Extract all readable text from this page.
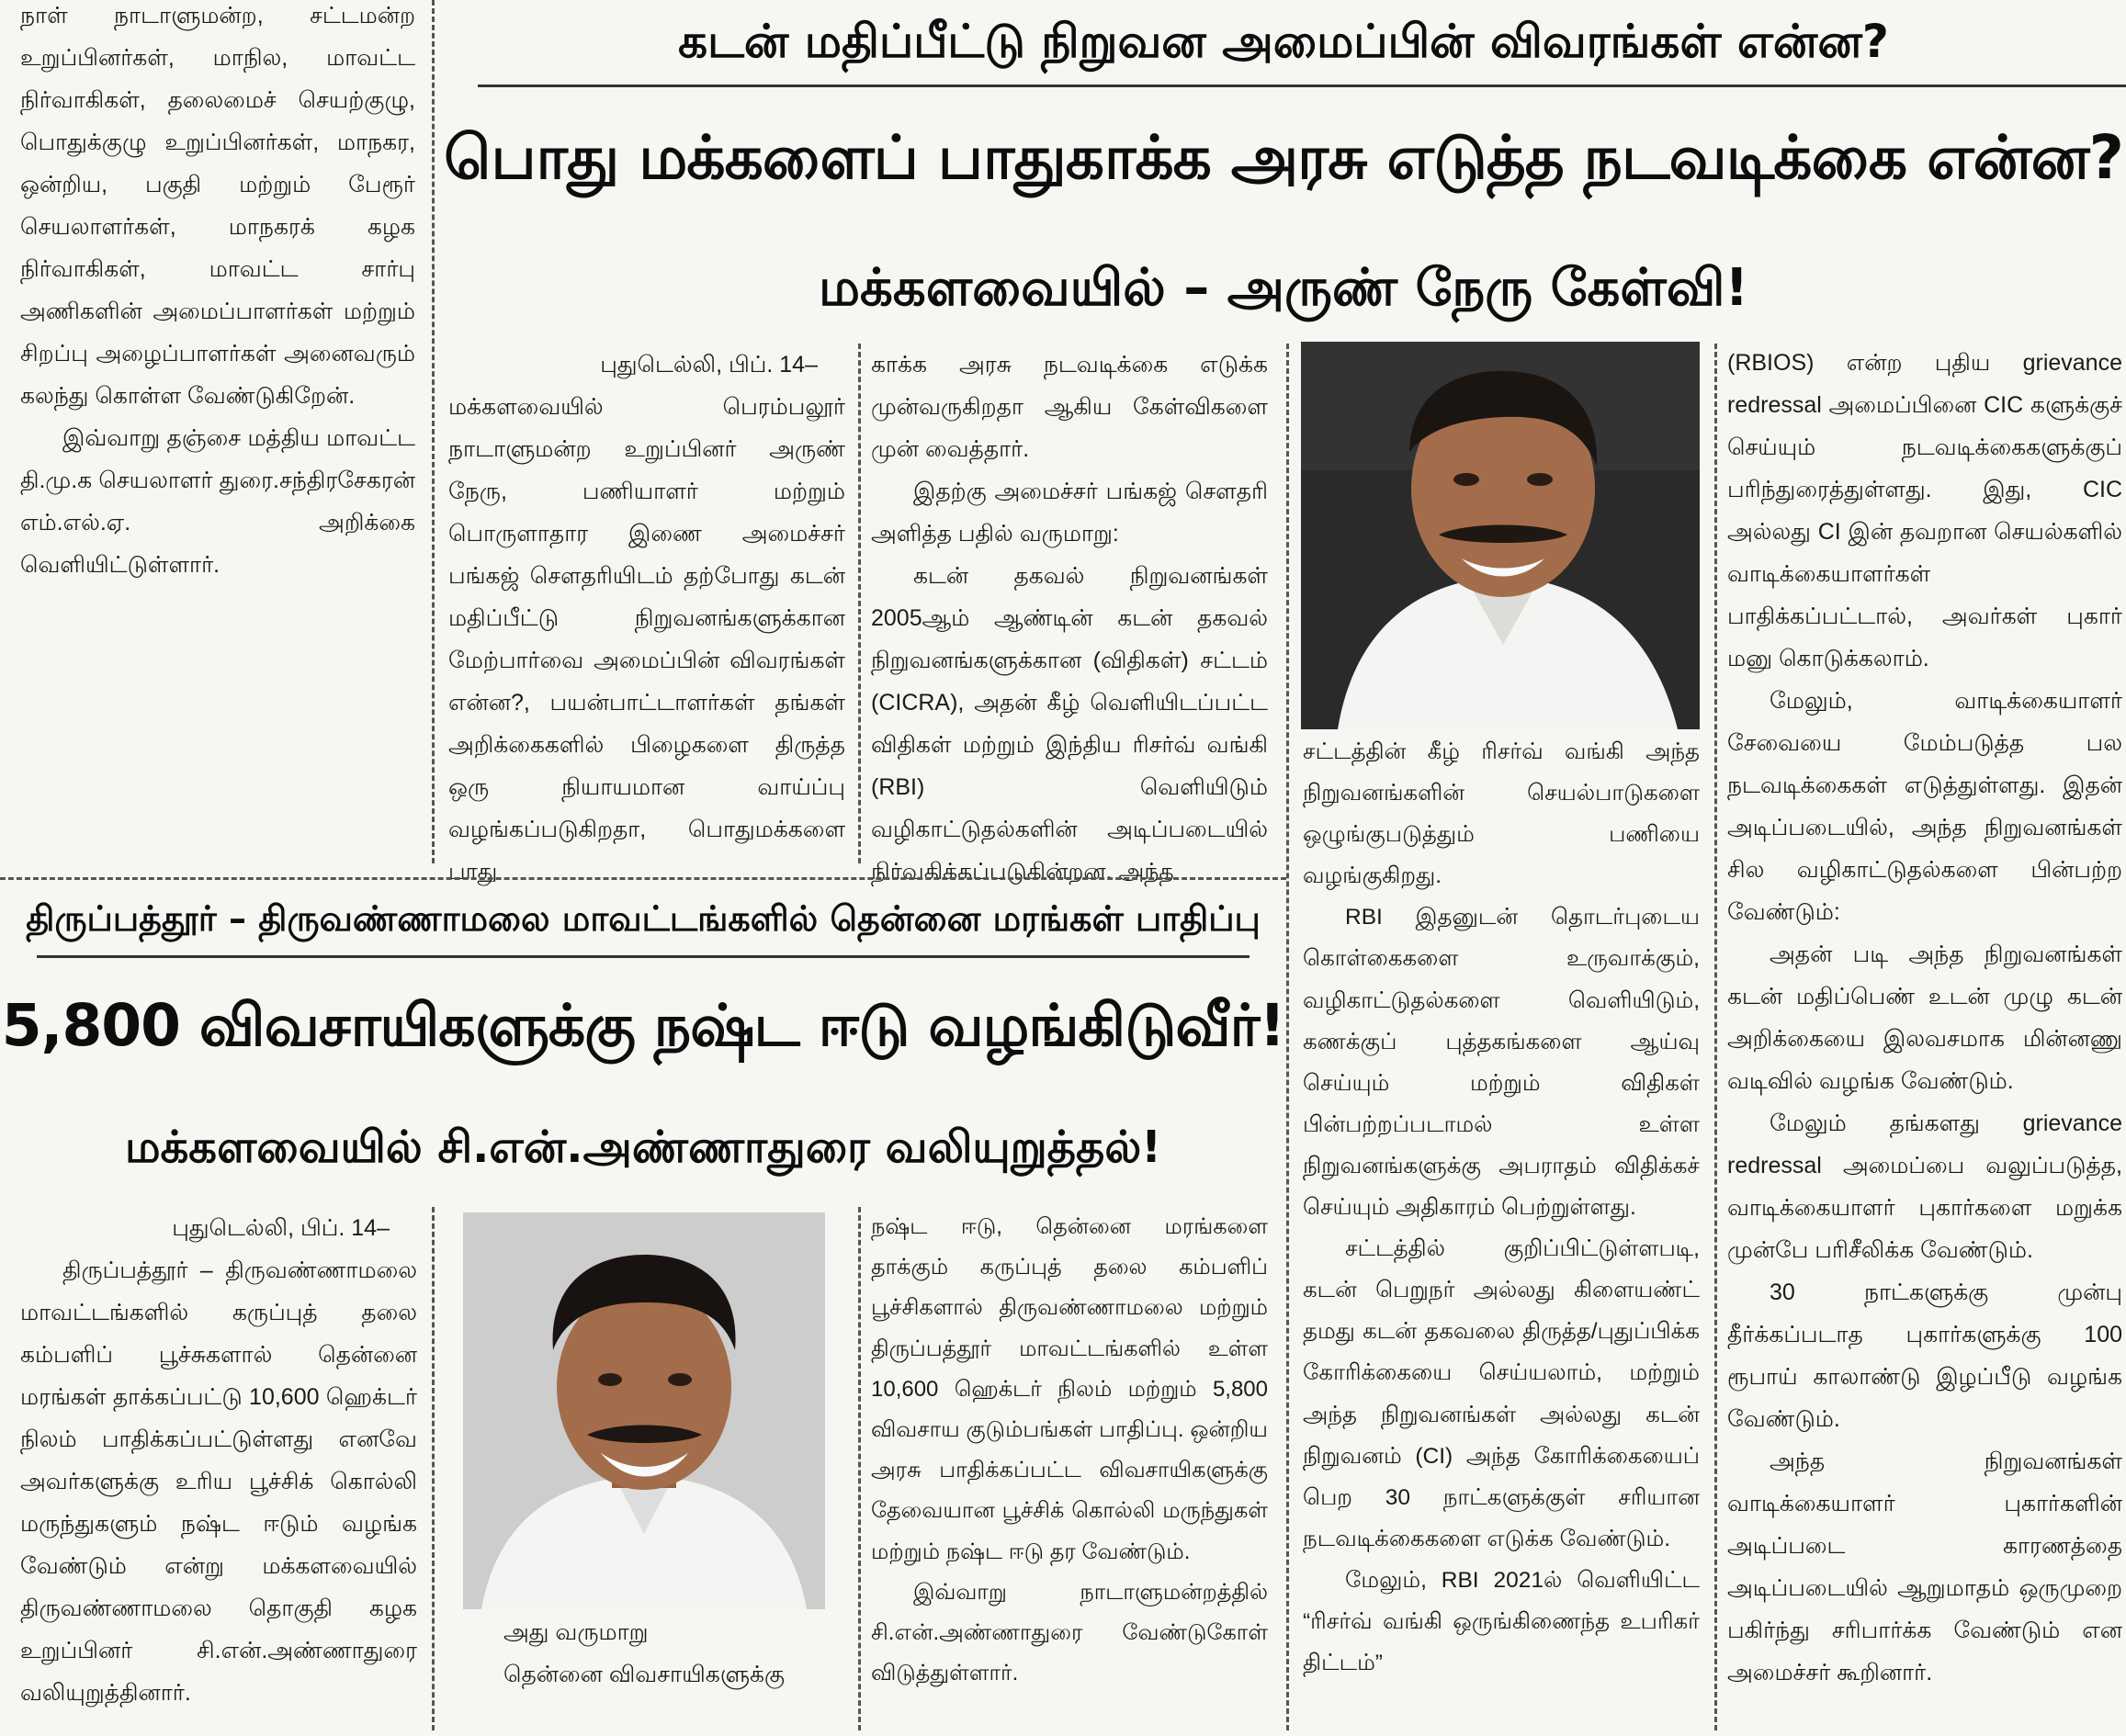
நாள் நாடாளுமன்ற, சட்டமன்ற உறுப்பினர்கள், மாநில, மாவட்ட நிர்வாகிகள், தலைமைச் செயற்குழு, பொதுக்குழு உறுப்பினர்கள், மாநகர, ஒன்றிய, பகுதி மற்றும் பேரூர் செயலாளர்கள், மாநகரக் கழக நிர்வாகிகள், மாவட்ட சார்பு அணிகளின் அமைப்பாளர்கள் மற்றும் சிறப்பு அழைப்பாளர்கள் அனைவரும் கலந்து கொள்ள வேண்டுகிறேன்.

இவ்வாறு தஞ்சை மத்திய மாவட்ட தி.மு.க செயலாளர் துரை.சந்திரசேகரன் எம்.எல்.ஏ. அறிக்கை வெளியிட்டுள்ளார்.

கடன் மதிப்பீட்டு நிறுவன அமைப்பின் விவரங்கள் என்ன?
பொது மக்களைப் பாதுகாக்க அரசு எடுத்த நடவடிக்கை என்ன?
மக்களவையில் – அருண் நேரு கேள்வி!

புதுடெல்லி, பிப். 14–

மக்களவையில் பெரம்பலூர் நாடாளுமன்ற உறுப்பினர் அருண் நேரு, பணியாளர் மற்றும் பொருளாதார இணை அமைச்சர் பங்கஜ் சௌதரியிடம் தற்போது கடன் மதிப்பீட்டு நிறுவனங்களுக்கான மேற்பார்வை அமைப்பின் விவரங்கள் என்ன?, பயன்பாட்டாளர்கள் தங்கள் அறிக்கைகளில் பிழைகளை திருத்த ஒரு நியாயமான வாய்ப்பு வழங்கப்படுகிறதா, பொதுமக்களை பாது

காக்க அரசு நடவடிக்கை எடுக்க முன்வருகிறதா ஆகிய கேள்விகளை முன் வைத்தார்.

இதற்கு அமைச்சர் பங்கஜ் சௌதரி அளித்த பதில் வருமாறு:

கடன் தகவல் நிறுவனங்கள் 2005ஆம் ஆண்டின் கடன் தகவல் நிறுவனங்களுக்கான (விதிகள்) சட்டம் (CICRA), அதன் கீழ் வெளியிடப்பட்ட விதிகள் மற்றும் இந்திய ரிசர்வ் வங்கி (RBI) வெளியிடும் வழிகாட்டுதல்களின் அடிப்படையில் நிர்வகிக்கப்படுகின்றன. அந்த

சட்டத்தின் கீழ் ரிசர்வ் வங்கி அந்த நிறுவனங்களின் செயல்பாடுகளை ஒழுங்குபடுத்தும் பணியை வழங்குகிறது.

RBI இதனுடன் தொடர்புடைய கொள்கைகளை உருவாக்கும், வழிகாட்டுதல்களை வெளியிடும், கணக்குப் புத்தகங்களை ஆய்வு செய்யும் மற்றும் விதிகள் பின்பற்றப்படாமல் உள்ள நிறுவனங்களுக்கு அபராதம் விதிக்கச் செய்யும் அதிகாரம் பெற்றுள்ளது.

சட்டத்தில் குறிப்பிட்டுள்ளபடி, கடன் பெறுநர் அல்லது கிளையண்ட் தமது கடன் தகவலை திருத்த/புதுப்பிக்க கோரிக்கையை செய்யலாம், மற்றும் அந்த நிறுவனங்கள் அல்லது கடன் நிறுவனம் (CI) அந்த கோரிக்கையைப் பெற 30 நாட்களுக்குள் சரியான நடவடிக்கைகளை எடுக்க வேண்டும்.

மேலும், RBI 2021ல் வெளியிட்ட “ரிசர்வ் வங்கி ஒருங்கிணைந்த உபரிகர் திட்டம்”

(RBIOS) என்ற புதிய grievance redressal அமைப்பினை CIC களுக்குச் செய்யும் நடவடிக்கைகளுக்குப் பரிந்துரைத்துள்ளது. இது, CIC அல்லது CI இன் தவறான செயல்களில் வாடிக்கையாளர்கள் பாதிக்கப்பட்டால், அவர்கள் புகார் மனு கொடுக்கலாம்.

மேலும், வாடிக்கையாளர் சேவையை மேம்படுத்த பல நடவடிக்கைகள் எடுத்துள்ளது. இதன் அடிப்படையில், அந்த நிறுவனங்கள் சில வழிகாட்டுதல்களை பின்பற்ற வேண்டும்:

அதன் படி அந்த நிறுவனங்கள் கடன் மதிப்பெண் உடன் முழு கடன் அறிக்கையை இலவசமாக மின்னணு வடிவில் வழங்க வேண்டும்.

மேலும் தங்களது grievance redressal அமைப்பை வலுப்படுத்த, வாடிக்கையாளர் புகார்களை மறுக்க முன்பே பரிசீலிக்க வேண்டும்.

30 நாட்களுக்கு முன்பு தீர்க்கப்படாத புகார்களுக்கு 100 ரூபாய் காலாண்டு இழப்பீடு வழங்க வேண்டும்.

அந்த நிறுவனங்கள் வாடிக்கையாளர் புகார்களின் அடிப்படை காரணத்தை அடிப்படையில் ஆறுமாதம் ஒருமுறை பகிர்ந்து சரிபார்க்க வேண்டும் என அமைச்சர் கூறினார்.

திருப்பத்தூர் – திருவண்ணாமலை மாவட்டங்களில் தென்னை மரங்கள் பாதிப்பு
5,800 விவசாயிகளுக்கு நஷ்ட ஈடு வழங்கிடுவீர்!
மக்களவையில் சி.என்.அண்ணாதுரை வலியுறுத்தல்!

புதுடெல்லி, பிப். 14–

திருப்பத்தூர் – திருவண்ணாமலை மாவட்டங்களில் கருப்புத் தலை கம்பளிப் பூச்சுகளால் தென்னை மரங்கள் தாக்கப்பட்டு 10,600 ஹெக்டர் நிலம் பாதிக்கப்பட்டுள்ளது எனவே அவர்களுக்கு உரிய பூச்சிக் கொல்லி மருந்துகளும் நஷ்ட ஈடும் வழங்க வேண்டும் என்று மக்களவையில் திருவண்ணாமலை தொகுதி கழக உறுப்பினர் சி.என்.அண்ணாதுரை வலியுறுத்தினார்.

அது வருமாறு
தென்னை விவசாயிகளுக்கு

நஷ்ட ஈடு, தென்னை மரங்களை தாக்கும் கருப்புத் தலை கம்பளிப் பூச்சிகளால் திருவண்ணாமலை மற்றும் திருப்பத்தூர் மாவட்டங்களில் உள்ள 10,600 ஹெக்டர் நிலம் மற்றும் 5,800 விவசாய குடும்பங்கள் பாதிப்பு. ஒன்றிய அரசு பாதிக்கப்பட்ட விவசாயிகளுக்கு தேவையான பூச்சிக் கொல்லி மருந்துகள் மற்றும் நஷ்ட ஈடு தர வேண்டும்.

இவ்வாறு நாடாளுமன்றத்தில் சி.என்.அண்ணாதுரை வேண்டுகோள் விடுத்துள்ளார்.
